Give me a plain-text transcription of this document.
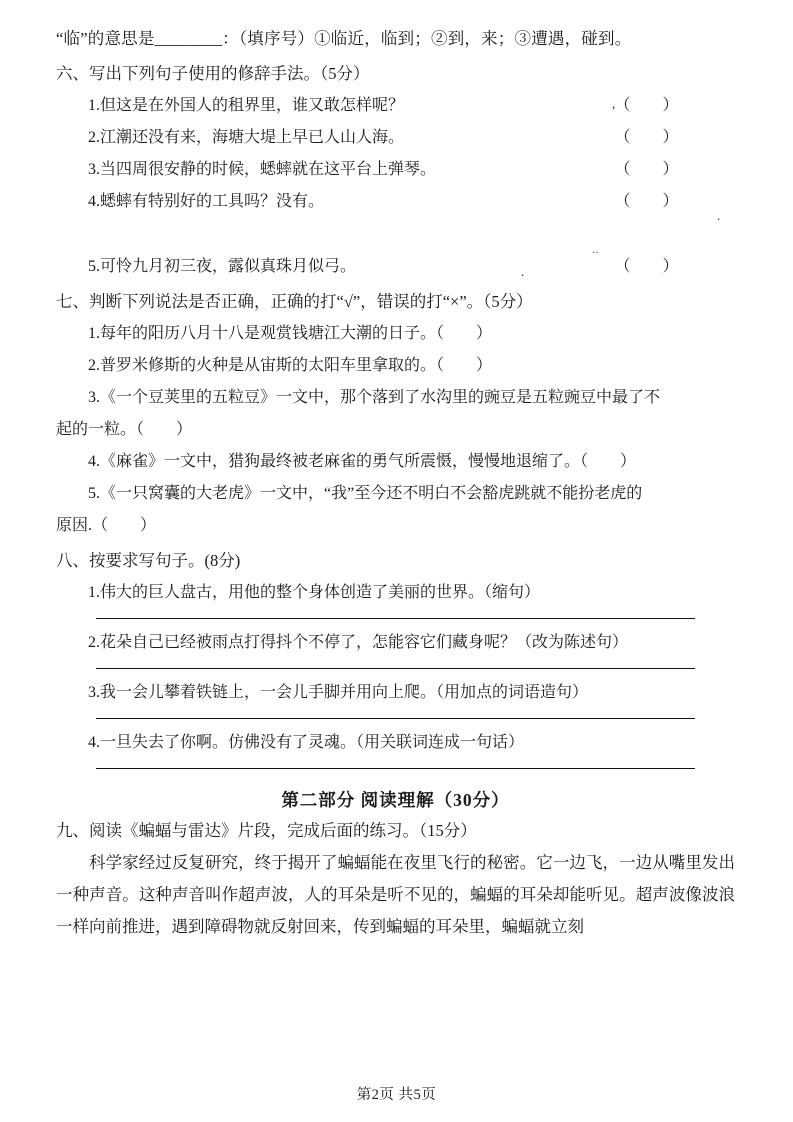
“临”的意思是________：（填序号）①临近，临到；②到，来；③遭遇，碰到。
六、写出下列句子使用的修辞手法。（5分）
1.但这是在外国人的租界里，谁又敢怎样呢？	（       ）
2.江潮还没有来，海塘大堤上早已人山人海。	（       ）
3.当四周很安静的时候，蟋蟀就在这平台上弹琴。	（       ）
4.蟋蟀有特别好的工具吗？没有。	（       ）
5.可怜九月初三夜，露似真珠月似弓。	（       ）
七、判断下列说法是否正确，正确的打“√”，错误的打“×”。（5分）
1.每年的阳历八月十八是观赏钱塘江大潮的日子。（        ）
2.普罗米修斯的火种是从宙斯的太阳车里拿取的。（        ）
3.《一个豆荚里的五粒豆》一文中，那个落到了水沟里的豌豆是五粒豌豆中最了不
起的一粒。（        ）
4.《麻雀》一文中，猎狗最终被老麻雀的勇气所震慑，慢慢地退缩了。（        ）
5.《一只窝囊的大老虎》一文中，“我”至今还不明白不会豁虎跳就不能扮老虎的
原因.（        ）
八、按要求写句子。(8分)
1.伟大的巨人盘古，用他的整个身体创造了美丽的世界。（缩句）
2.花朵自己已经被雨点打得抖个不停了，怎能容它们藏身呢？（改为陈述句）
3.我一会儿攀着铁链上，一会儿手脚并用向上爬。（用加点的词语造句）
4.一旦失去了你啊。仿佛没有了灵魂。（用关联词连成一句话）
第二部分 阅读理解（30分）
九、阅读《蝙蝠与雷达》片段，完成后面的练习。（15分）
科学家经过反复研究，终于揭开了蝙蝠能在夜里飞行的秘密。它一边飞，一边从嘴里发出一种声音。这种声音叫作超声波，人的耳朵是听不见的，蝙蝠的耳朵却能听见。超声波像波浪一样向前推进，遇到障碍物就反射回来，传到蝙蝠的耳朵里，蝙蝠就立刻
,
.
··
.
第2页 共5页
